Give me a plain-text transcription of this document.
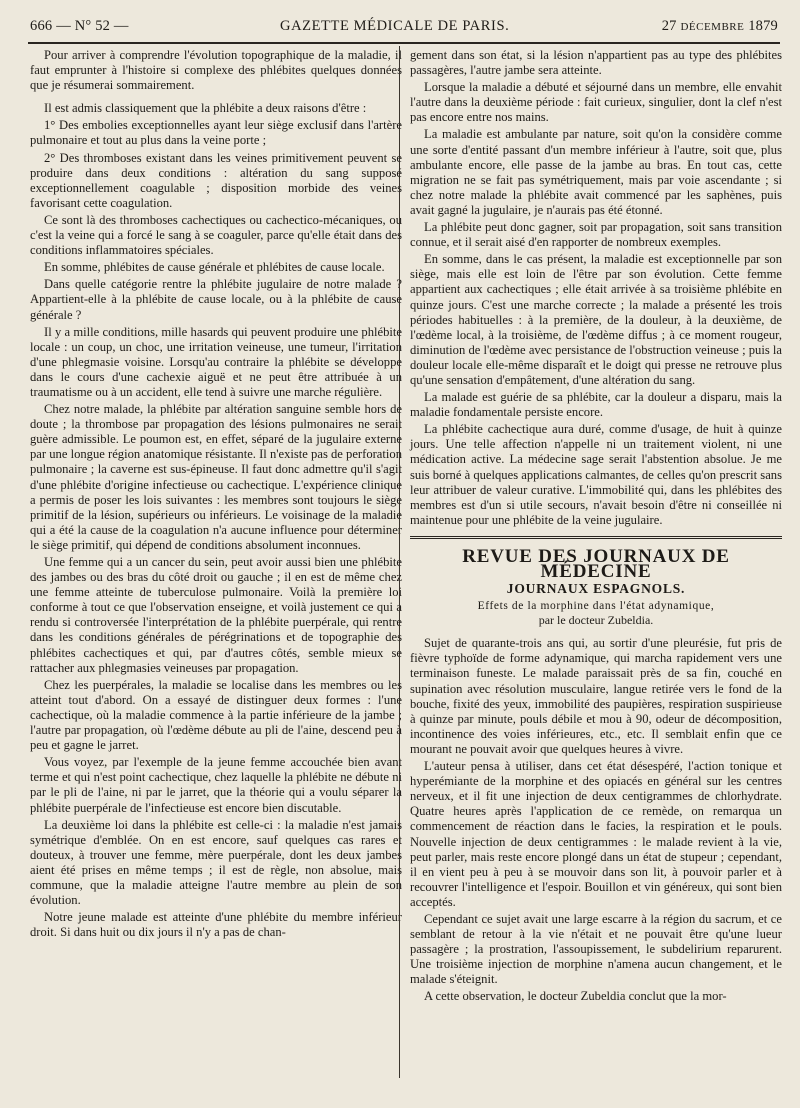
666 — N° 52 —	GAZETTE MÉDICALE DE PARIS.	27 DÉCEMBRE 1879

Pour arriver à comprendre l'évolution topographique de la maladie, il faut emprunter à l'histoire si complexe des phlébites quelques données que je résumerai sommairement.

Il est admis classiquement que la phlébite a deux raisons d'être :

1° Des embolies exceptionnelles ayant leur siège exclusif dans l'artère pulmonaire et tout au plus dans la veine porte ;

2° Des thromboses existant dans les veines primitivement peuvent se produire dans deux conditions : altération du sang supposé exceptionnellement coagulable ; disposition morbide des veines favorisant cette coagulation.

Ce sont là des thromboses cachectiques ou cachectico-mécaniques, ou c'est la veine qui a forcé le sang à se coaguler, parce qu'elle était dans des conditions inflammatoires spéciales.

En somme, phlébites de cause générale et phlébites de cause locale.

Dans quelle catégorie rentre la phlébite jugulaire de notre malade ? Appartient-elle à la phlébite de cause locale, ou à la phlébite de cause générale ?

Il y a mille conditions, mille hasards qui peuvent produire une phlébite locale : un coup, un choc, une irritation veineuse, une tumeur, l'irritation d'une phlegmasie voisine. Lorsqu'au contraire la phlébite se développe dans le cours d'une cachexie aiguë et ne peut être attribuée à un traumatisme ou à un accident, elle tend à suivre une marche régulière.

Chez notre malade, la phlébite par altération sanguine semble hors de doute ; la thrombose par propagation des lésions pulmonaires ne serait guère admissible. Le poumon est, en effet, séparé de la jugulaire externe par une longue région anatomique résistante. Il n'existe pas de perforation pulmonaire ; la caverne est sus-épineuse. Il faut donc admettre qu'il s'agit d'une phlébite d'origine infectieuse ou cachectique. L'expérience clinique a permis de poser les lois suivantes : les membres sont toujours le siège primitif de la lésion, supérieurs ou inférieurs. Le voisinage de la maladie qui a été la cause de la coagulation n'a aucune influence pour déterminer le siège primitif, qui dépend de conditions absolument inconnues.

Une femme qui a un cancer du sein, peut avoir aussi bien une phlébite des jambes ou des bras du côté droit ou gauche ; il en est de même chez une femme atteinte de tuberculose pulmonaire. Voilà la première loi conforme à tout ce que l'observation enseigne, et voilà justement ce qui a rendu si controversée l'interprétation de la phlébite puerpérale, qui rentre dans les conditions générales de pérégrinations et de topographie des phlébites cachectiques et qui, par d'autres côtés, semble mieux se rattacher aux phlegmasies veineuses par propagation.

Chez les puerpérales, la maladie se localise dans les membres ou les atteint tout d'abord. On a essayé de distinguer deux formes : l'une cachectique, où la maladie commence à la partie inférieure de la jambe ; l'autre par propagation, où l'œdème débute au pli de l'aine, descend peu à peu et gagne le jarret.

Vous voyez, par l'exemple de la jeune femme accouchée bien avant terme et qui n'est point cachectique, chez laquelle la phlébite ne débute ni par le pli de l'aine, ni par le jarret, que la théorie qui a voulu séparer la phlébite puerpérale de l'infectieuse est encore bien discutable.

La deuxième loi dans la phlébite est celle-ci : la maladie n'est jamais symétrique d'emblée. On en est encore, sauf quelques cas rares et douteux, à trouver une femme, mère puerpérale, dont les deux jambes aient été prises en même temps ; il est de règle, non absolue, mais commune, que la maladie atteigne l'autre membre au plein de son évolution.

Notre jeune malade est atteinte d'une phlébite du membre inférieur droit. Si dans huit ou dix jours il n'y a pas de chan-

gement dans son état, si la lésion n'appartient pas au type des phlébites passagères, l'autre jambe sera atteinte.

Lorsque la maladie a débuté et séjourné dans un membre, elle envahit l'autre dans la deuxième période : fait curieux, singulier, dont la clef n'est pas encore entre nos mains.

La maladie est ambulante par nature, soit qu'on la considère comme une sorte d'entité passant d'un membre inférieur à l'autre, soit que, plus ambulante encore, elle passe de la jambe au bras. En tout cas, cette migration ne se fait pas symétriquement, mais par voie ascendante ; si chez notre malade la phlébite avait commencé par les saphènes, puis avait gagné la jugulaire, je n'aurais pas été étonné.

La phlébite peut donc gagner, soit par propagation, soit sans transition connue, et il serait aisé d'en rapporter de nombreux exemples.

En somme, dans le cas présent, la maladie est exceptionnelle par son siège, mais elle est loin de l'être par son évolution. Cette femme appartient aux cachectiques ; elle était arrivée à sa troisième phlébite en quinze jours. C'est une marche correcte ; la malade a présenté les trois périodes habituelles : à la première, de la douleur, à la deuxième, de l'œdème local, à la troisième, de l'œdème diffus ; à ce moment rougeur, diminution de l'œdème avec persistance de l'obstruction veineuse ; puis la douleur locale elle-même disparaît et le doigt qui presse ne retrouve plus qu'une sensation d'empâtement, d'une altération du sang.

La malade est guérie de sa phlébite, car la douleur a disparu, mais la maladie fondamentale persiste encore.

La phlébite cachectique aura duré, comme d'usage, de huit à quinze jours. Une telle affection n'appelle ni un traitement violent, ni une médication active. La médecine sage serait l'abstention absolue. Je me suis borné à quelques applications calmantes, de celles qu'on prescrit sans leur attribuer de valeur curative. L'immobilité qui, dans les phlébites des membres est d'un si utile secours, n'avait besoin d'être ni conseillée ni maintenue pour une phlébite de la veine jugulaire.

REVUE DES JOURNAUX DE MÉDECINE
JOURNAUX ESPAGNOLS.
Effets de la morphine dans l'état adynamique,
par le docteur Zubeldia.

Sujet de quarante-trois ans qui, au sortir d'une pleurésie, fut pris de fièvre typhoïde de forme adynamique, qui marcha rapidement vers une terminaison funeste. Le malade paraissait près de sa fin, couché en supination avec résolution musculaire, langue retirée vers le fond de la bouche, fixité des yeux, immobilité des paupières, respiration suspirieuse à quinze par minute, pouls débile et mou à 90, odeur de décomposition, incontinence des voies inférieures, etc., etc. Il semblait enfin que ce mourant ne pouvait avoir que quelques heures à vivre.

L'auteur pensa à utiliser, dans cet état désespéré, l'action tonique et hyperémiante de la morphine et des opiacés en général sur les centres nerveux, et il fit une injection de deux centigrammes de chlorhydrate. Quatre heures après l'application de ce remède, on remarqua un commencement de réaction dans le facies, la respiration et le pouls. Nouvelle injection de deux centigrammes : le malade revient à la vie, peut parler, mais reste encore plongé dans un état de stupeur ; cependant, il en vient peu à peu à se mouvoir dans son lit, à pouvoir parler et à recouvrer l'intelligence et l'espoir. Bouillon et vin généreux, qui sont bien acceptés.

Cependant ce sujet avait une large escarre à la région du sacrum, et ce semblant de retour à la vie n'était et ne pouvait être qu'une lueur passagère ; la prostration, l'assoupissement, le subdelirium reparurent. Une troisième injection de morphine n'amena aucun changement, et le malade s'éteignit.

A cette observation, le docteur Zubeldia conclut que la mor-
